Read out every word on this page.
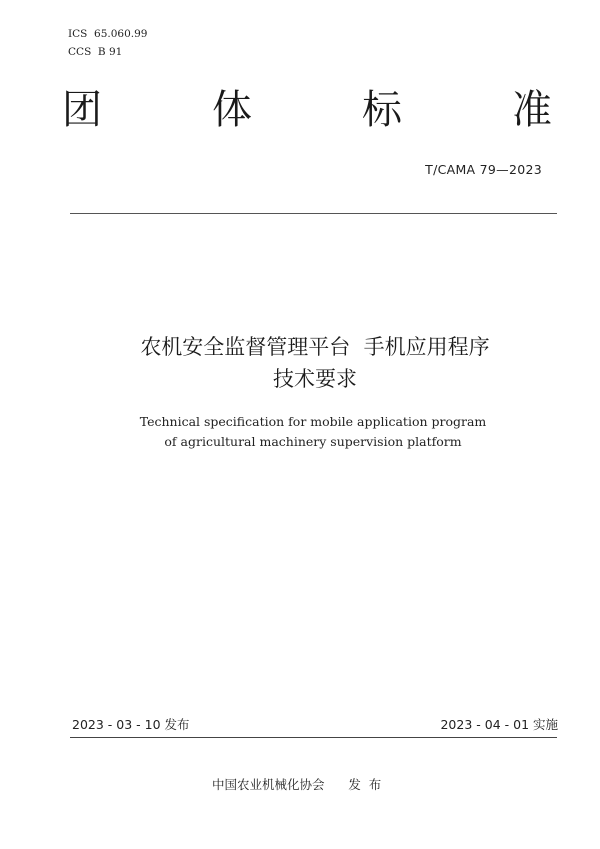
ICS  65.060.99
CCS  B 91
团	体	标	准
T/CAMA 79—2023
农机安全监督管理平台  手机应用程序
技术要求
Technical specification for mobile application program
of agricultural machinery supervision platform
2023 - 03 - 10 发布	2023 - 04 - 01 实施
中国农业机械化协会      发  布
